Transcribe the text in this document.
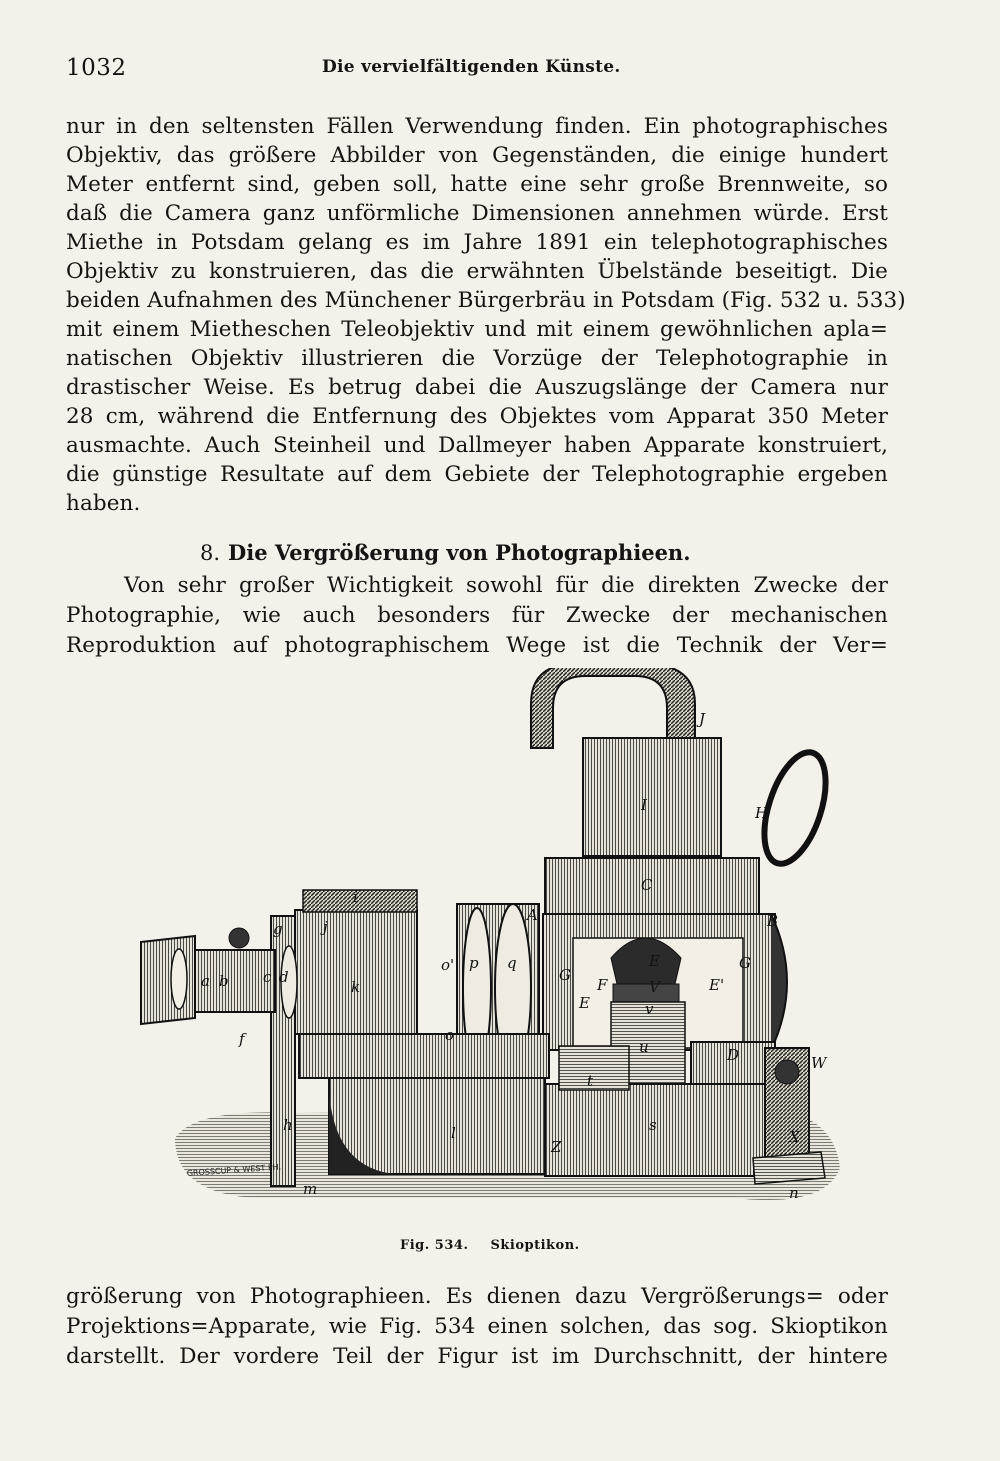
1032	Die vervielfältigenden Künste.
nur in den seltensten Fällen Verwendung finden. Ein photographisches
Objektiv, das größere Abbilder von Gegenständen, die einige hundert
Meter entfernt sind, geben soll, hatte eine sehr große Brennweite, so
daß die Camera ganz unförmliche Dimensionen annehmen würde. Erst
Miethe in Potsdam gelang es im Jahre 1891 ein telephotographisches
Objektiv zu konstruieren, das die erwähnten Übelstände beseitigt. Die
beiden Aufnahmen des Münchener Bürgerbräu in Potsdam (Fig. 532 u. 533)
mit einem Mietheschen Teleobjektiv und mit einem gewöhnlichen apla=
natischen Objektiv illustrieren die Vorzüge der Telephotographie in
drastischer Weise. Es betrug dabei die Auszugslänge der Camera nur
28 cm, während die Entfernung des Objektes vom Apparat 350 Meter
ausmachte. Auch Steinheil und Dallmeyer haben Apparate konstruiert,
die günstige Resultate auf dem Gebiete der Telephotographie ergeben
haben.
8. Die Vergrößerung von Photographieen.
Von sehr großer Wichtigkeit sowohl für die direkten Zwecke der
Photographie, wie auch besonders für Zwecke der mechanischen
Reproduktion auf photographischem Wege ist die Technik der Ver=
J
H
I
C
A	B
G
G
E
E
E'
F	V
v
u	D
t
s
Z
l
k
i
j
g
h
d
c
b
a
f	o
o' p q
W
X
n
m
GROSSCUP & WEST PH.
Fig. 534. Skioptikon.
größerung von Photographieen. Es dienen dazu Vergrößerungs= oder
Projektions=Apparate, wie Fig. 534 einen solchen, das sog. Skioptikon
darstellt. Der vordere Teil der Figur ist im Durchschnitt, der hintere
